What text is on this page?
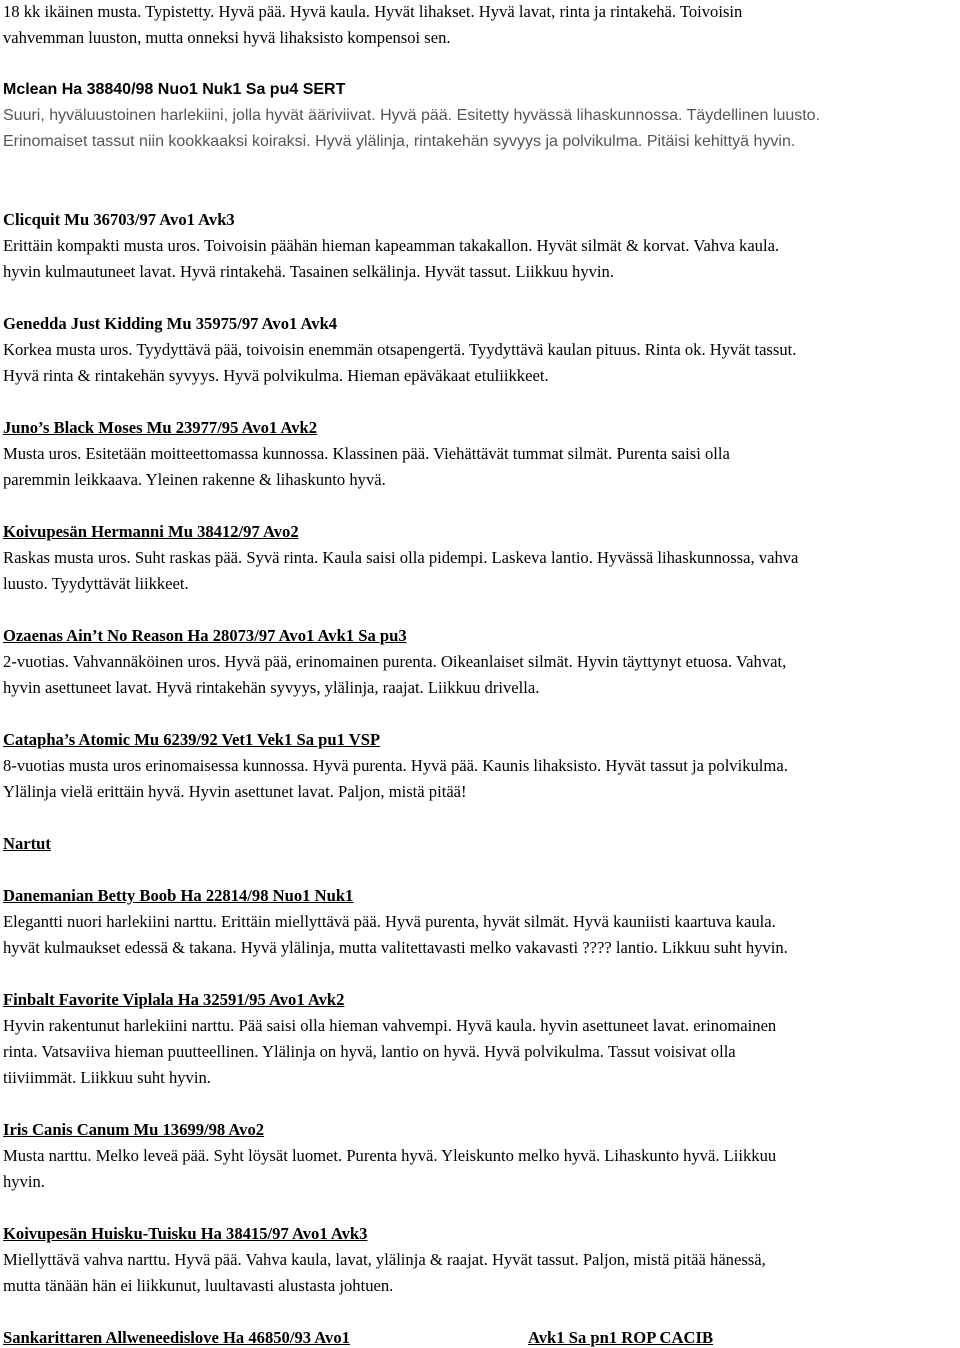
18 kk ikäinen musta. Typistetty. Hyvä pää. Hyvä kaula. Hyvät lihakset. Hyvä lavat, rinta ja rintakehä. Toivoisin
vahvemman luuston, mutta onneksi hyvä lihaksisto kompensoi sen.
Mclean Ha 38840/98 Nuo1 Nuk1 Sa pu4 SERT
Suuri, hyväluustoinen harlekiini, jolla hyvät ääriviivat. Hyvä pää. Esitetty hyvässä lihaskunnossa. Täydellinen luusto.
Erinomaiset tassut niin kookkaaksi koiraksi. Hyvä ylälinja, rintakehän syvyys ja polvikulma. Pitäisi kehittyä hyvin.
Clicquit Mu 36703/97 Avo1 Avk3
Erittäin kompakti musta uros. Toivoisin päähän hieman kapeamman takakallon. Hyvät silmät & korvat. Vahva kaula.
hyvin kulmautuneet lavat. Hyvä rintakehä. Tasainen selkälinja. Hyvät tassut. Liikkuu hyvin.
Genedda Just Kidding Mu 35975/97 Avo1 Avk4
Korkea musta uros. Tyydyttävä pää, toivoisin enemmän otsapengertä. Tyydyttävä kaulan pituus. Rinta ok. Hyvät tassut.
Hyvä rinta & rintakehän syvyys. Hyvä polvikulma. Hieman epäväkaat etuliikkeet.
Juno’s Black Moses Mu 23977/95 Avo1 Avk2
Musta uros. Esitetään moitteettomassa kunnossa. Klassinen pää. Viehättävät tummat silmät. Purenta saisi olla
paremmin leikkaava. Yleinen rakenne & lihaskunto hyvä.
Koivupesän Hermanni Mu 38412/97 Avo2
Raskas musta uros. Suht raskas pää. Syvä rinta. Kaula saisi olla pidempi. Laskeva lantio. Hyvässä lihaskunnossa, vahva
luusto. Tyydyttävät liikkeet.
Ozaenas Ain’t No Reason Ha 28073/97 Avo1 Avk1 Sa pu3
2-vuotias. Vahvannäköinen uros. Hyvä pää, erinomainen purenta. Oikeanlaiset silmät. Hyvin täyttynyt etuosa. Vahvat,
hyvin asettuneet lavat. Hyvä rintakehän syvyys, ylälinja, raajat. Liikkuu drivella.
Catapha’s Atomic Mu 6239/92 Vet1 Vek1 Sa pu1 VSP
8-vuotias musta uros erinomaisessa kunnossa. Hyvä purenta. Hyvä pää. Kaunis lihaksisto. Hyvät tassut ja polvikulma.
Ylälinja vielä erittäin hyvä. Hyvin asettunet lavat. Paljon, mistä pitää!
Nartut
Danemanian Betty Boob Ha 22814/98 Nuo1 Nuk1
Elegantti nuori harlekiini narttu. Erittäin miellyttävä pää. Hyvä purenta, hyvät silmät. Hyvä kauniisti kaartuva kaula.
hyvät kulmaukset edessä & takana. Hyvä ylälinja, mutta valitettavasti melko vakavasti ???? lantio. Likkuu suht hyvin.
Finbalt Favorite Viplala Ha 32591/95 Avo1 Avk2
Hyvin rakentunut harlekiini narttu. Pää saisi olla hieman vahvempi. Hyvä kaula. hyvin asettuneet lavat. erinomainen
rinta. Vatsaviiva hieman puutteellinen. Ylälinja on hyvä, lantio on hyvä. Hyvä polvikulma. Tassut voisivat olla
tiiviimmät. Liikkuu suht hyvin.
Iris Canis Canum Mu 13699/98 Avo2
Musta narttu. Melko leveä pää. Syht löysät luomet. Purenta hyvä. Yleiskunto melko hyvä. Lihaskunto hyvä. Liikkuu
hyvin.
Koivupesän Huisku-Tuisku Ha 38415/97 Avo1 Avk3
Miellyttävä vahva narttu. Hyvä pää. Vahva kaula, lavat, ylälinja & raajat. Hyvät tassut. Paljon, mistä pitää hänessä,
mutta tänään hän ei liikkunut, luultavasti alustasta johtuen.
Sankarittaren Allweneedislove Ha 46850/93 Avo1	Avk1 Sa pn1 ROP CACIB
